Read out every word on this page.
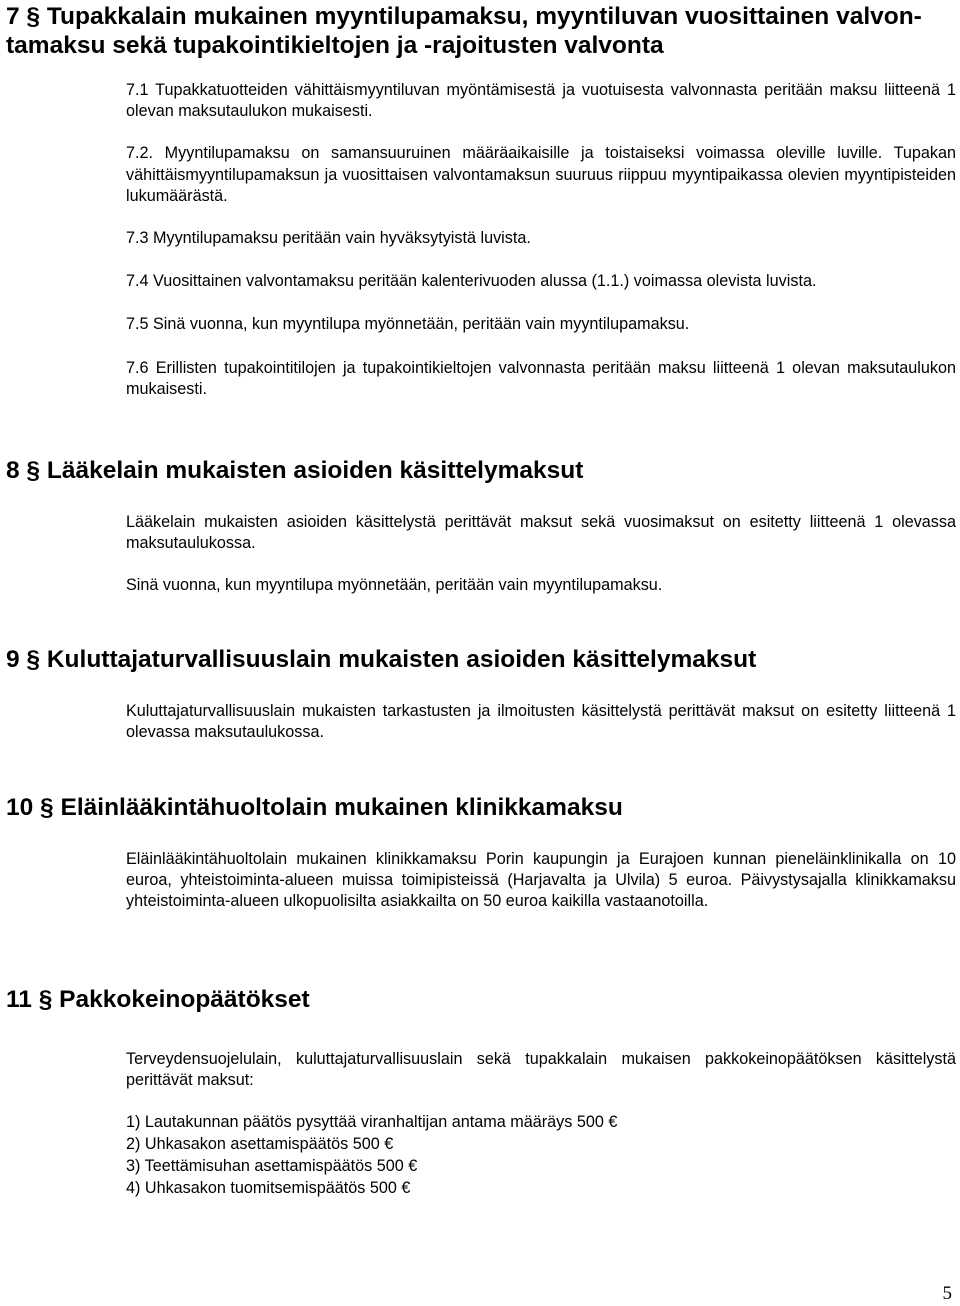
7 § Tupakkalain mukainen myyntilupamaksu, myyntiluvan vuosittainen valvon-

tamaksu sekä tupakointikieltojen ja -rajoitusten valvonta

7.1 Tupakkatuotteiden vähittäismyyntiluvan myöntämisestä ja vuotuisesta valvonnasta peritään maksu liitteenä 1 olevan maksutaulukon mukaisesti.

7.2. Myyntilupamaksu on samansuuruinen määräaikaisille ja toistaiseksi voimassa oleville luville. Tupakan vähittäismyyntilupamaksun ja vuosittaisen valvontamaksun suuruus riippuu myyntipaikassa olevien myyntipisteiden lukumäärästä.

7.3 Myyntilupamaksu peritään vain hyväksytyistä luvista.

7.4 Vuosittainen valvontamaksu peritään kalenterivuoden alussa (1.1.) voimassa olevista luvista.

7.5 Sinä vuonna, kun myyntilupa myönnetään, peritään vain myyntilupamaksu.

7.6 Erillisten tupakointitilojen ja tupakointikieltojen valvonnasta peritään maksu liitteenä 1 olevan maksutaulukon mukaisesti.

8 § Lääkelain mukaisten asioiden käsittelymaksut

Lääkelain mukaisten asioiden käsittelystä perittävät maksut sekä vuosimaksut on esitetty liitteenä 1 olevassa maksutaulukossa.

Sinä vuonna, kun myyntilupa myönnetään, peritään vain myyntilupamaksu.

9 § Kuluttajaturvallisuuslain mukaisten asioiden käsittelymaksut

Kuluttajaturvallisuuslain mukaisten tarkastusten ja ilmoitusten käsittelystä perittävät maksut on esitetty liitteenä 1 olevassa maksutaulukossa.

10 § Eläinlääkintähuoltolain mukainen klinikkamaksu

Eläinlääkintähuoltolain mukainen klinikkamaksu Porin kaupungin ja Eurajoen kunnan pieneläinklinikalla on 10 euroa, yhteistoiminta-alueen muissa toimipisteissä (Harjavalta ja Ulvila) 5 euroa. Päivystysajalla klinikkamaksu yhteistoiminta-alueen ulkopuolisilta asiakkailta on 50 euroa kaikilla vastaanotoilla.

11 § Pakkokeinopäätökset

Terveydensuojelulain, kuluttajaturvallisuuslain sekä tupakkalain mukaisen pakkokeinopäätöksen käsittelystä perittävät maksut:

1) Lautakunnan päätös pysyttää viranhaltijan antama määräys 500 €

2) Uhkasakon asettamispäätös 500 €

3) Teettämisuhan asettamispäätös 500 €

4) Uhkasakon tuomitsemispäätös 500 €

5
